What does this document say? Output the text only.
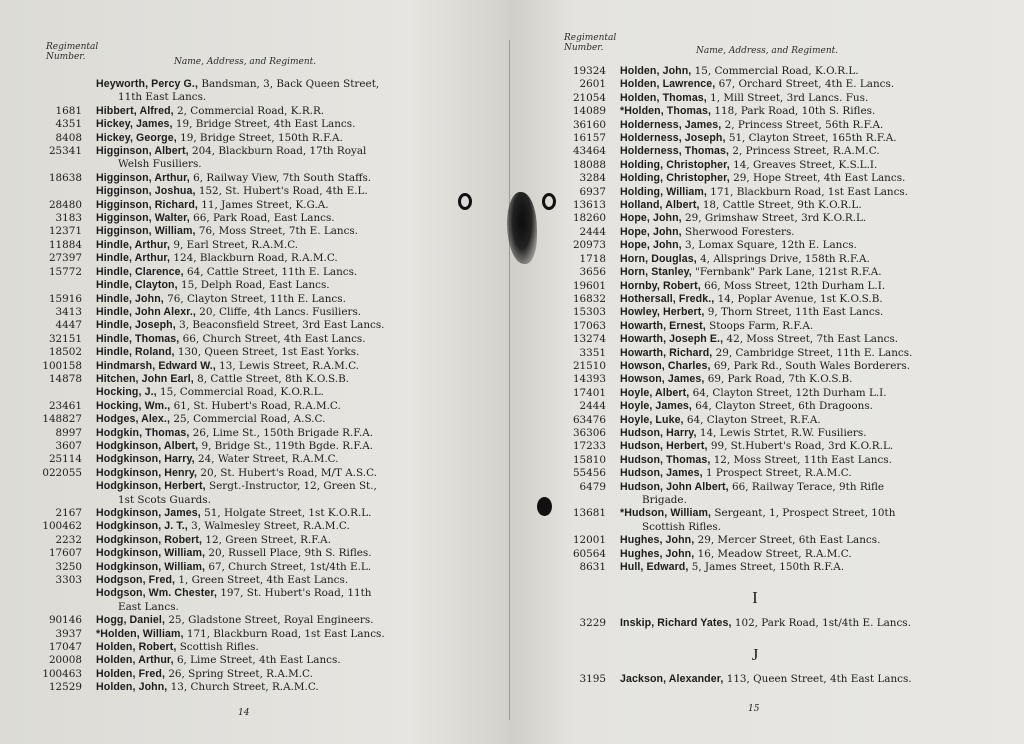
Regimental Number.	Name, Address, and Regiment.
Heyworth, Percy G., Bandsman, 3, Back Queen Street,
11th East Lancs.
1681	Hibbert, Alfred, 2, Commercial Road, K.R.R.
4351	Hickey, James, 19, Bridge Street, 4th East Lancs.
8408	Hickey, George, 19, Bridge Street, 150th R.F.A.
25341	Higginson, Albert, 204, Blackburn Road, 17th Royal
Welsh Fusiliers.
18638	Higginson, Arthur, 6, Railway View, 7th South Staffs.
Higginson, Joshua, 152, St. Hubert's Road, 4th E.L.
28480	Higginson, Richard, 11, James Street, K.G.A.
3183	Higginson, Walter, 66, Park Road, East Lancs.
12371	Higginson, William, 76, Moss Street, 7th E. Lancs.
11884	Hindle, Arthur, 9, Earl Street, R.A.M.C.
27397	Hindle, Arthur, 124, Blackburn Road, R.A.M.C.
15772	Hindle, Clarence, 64, Cattle Street, 11th E. Lancs.
Hindle, Clayton, 15, Delph Road, East Lancs.
15916	Hindle, John, 76, Clayton Street, 11th E. Lancs.
3413	Hindle, John Alexr., 20, Cliffe, 4th Lancs. Fusiliers.
4447	Hindle, Joseph, 3, Beaconsfield Street, 3rd East Lancs.
32151	Hindle, Thomas, 66, Church Street, 4th East Lancs.
18502	Hindle, Roland, 130, Queen Street, 1st East Yorks.
100158	Hindmarsh, Edward W., 13, Lewis Street, R.A.M.C.
14878	Hitchen, John Earl, 8, Cattle Street, 8th K.O.S.B.
Hocking, J., 15, Commercial Road, K.O.R.L.
23461	Hocking, Wm., 61, St. Hubert's Road, R.A.M.C.
148827	Hodges, Alex., 25, Commercial Road, A.S.C.
8997	Hodgkin, Thomas, 26, Lime St., 150th Brigade R.F.A.
3607	Hodgkinson, Albert, 9, Bridge St., 119th Bgde. R.F.A.
25114	Hodgkinson, Harry, 24, Water Street, R.A.M.C.
022055	Hodgkinson, Henry, 20, St. Hubert's Road, M/T A.S.C.
Hodgkinson, Herbert, Sergt.-Instructor, 12, Green St.,
1st Scots Guards.
2167	Hodgkinson, James, 51, Holgate Street, 1st K.O.R.L.
100462	Hodgkinson, J. T., 3, Walmesley Street, R.A.M.C.
2232	Hodgkinson, Robert, 12, Green Street, R.F.A.
17607	Hodgkinson, William, 20, Russell Place, 9th S. Rifles.
3250	Hodgkinson, William, 67, Church Street, 1st/4th E.L.
3303	Hodgson, Fred, 1, Green Street, 4th East Lancs.
Hodgson, Wm. Chester, 197, St. Hubert's Road, 11th
East Lancs.
90146	Hogg, Daniel, 25, Gladstone Street, Royal Engineers.
3937	*Holden, William, 171, Blackburn Road, 1st East Lancs.
17047	Holden, Robert, Scottish Rifles.
20008	Holden, Arthur, 6, Lime Street, 4th East Lancs.
100463	Holden, Fred, 26, Spring Street, R.A.M.C.
12529	Holden, John, 13, Church Street, R.A.M.C.
14
Regimental Number.	Name, Address, and Regiment.
19324	Holden, John, 15, Commercial Road, K.O.R.L.
2601	Holden, Lawrence, 67, Orchard Street, 4th E. Lancs.
21054	Holden, Thomas, 1, Mill Street, 3rd Lancs. Fus.
14089	*Holden, Thomas, 118, Park Road, 10th S. Rifles.
36160	Holderness, James, 2, Princess Street, 56th R.F.A.
16157	Holderness, Joseph, 51, Clayton Street, 165th R.F.A.
43464	Holderness, Thomas, 2, Princess Street, R.A.M.C.
18088	Holding, Christopher, 14, Greaves Street, K.S.L.I.
3284	Holding, Christopher, 29, Hope Street, 4th East Lancs.
6937	Holding, William, 171, Blackburn Road, 1st East Lancs.
13613	Holland, Albert, 18, Cattle Street, 9th K.O.R.L.
18260	Hope, John, 29, Grimshaw Street, 3rd K.O.R.L.
2444	Hope, John, Sherwood Foresters.
20973	Hope, John, 3, Lomax Square, 12th E. Lancs.
1718	Horn, Douglas, 4, Allsprings Drive, 158th R.F.A.
3656	Horn, Stanley, "Fernbank" Park Lane, 121st R.F.A.
19601	Hornby, Robert, 66, Moss Street, 12th Durham L.I.
16832	Hothersall, Fredk., 14, Poplar Avenue, 1st K.O.S.B.
15303	Howley, Herbert, 9, Thorn Street, 11th East Lancs.
17063	Howarth, Ernest, Stoops Farm, R.F.A.
13274	Howarth, Joseph E., 42, Moss Street, 7th East Lancs.
3351	Howarth, Richard, 29, Cambridge Street, 11th E. Lancs.
21510	Howson, Charles, 69, Park Rd., South Wales Borderers.
14393	Howson, James, 69, Park Road, 7th K.O.S.B.
17401	Hoyle, Albert, 64, Clayton Street, 12th Durham L.I.
2444	Hoyle, James, 64, Clayton Street, 6th Dragoons.
63476	Hoyle, Luke, 64, Clayton Street, R.F.A.
36306	Hudson, Harry, 14, Lewis Strtet, R.W. Fusiliers.
17233	Hudson, Herbert, 99, St.Hubert's Road, 3rd K.O.R.L.
15810	Hudson, Thomas, 12, Moss Street, 11th East Lancs.
55456	Hudson, James, 1 Prospect Street, R.A.M.C.
6479	Hudson, John Albert, 66, Railway Terace, 9th Rifle
Brigade.
13681	*Hudson, William, Sergeant, 1, Prospect Street, 10th
Scottish Rifles.
12001	Hughes, John, 29, Mercer Street, 6th East Lancs.
60564	Hughes, John, 16, Meadow Street, R.A.M.C.
8631	Hull, Edward, 5, James Street, 150th R.F.A.
I
3229	Inskip, Richard Yates, 102, Park Road, 1st/4th E. Lancs.
J
3195	Jackson, Alexander, 113, Queen Street, 4th East Lancs.
15
